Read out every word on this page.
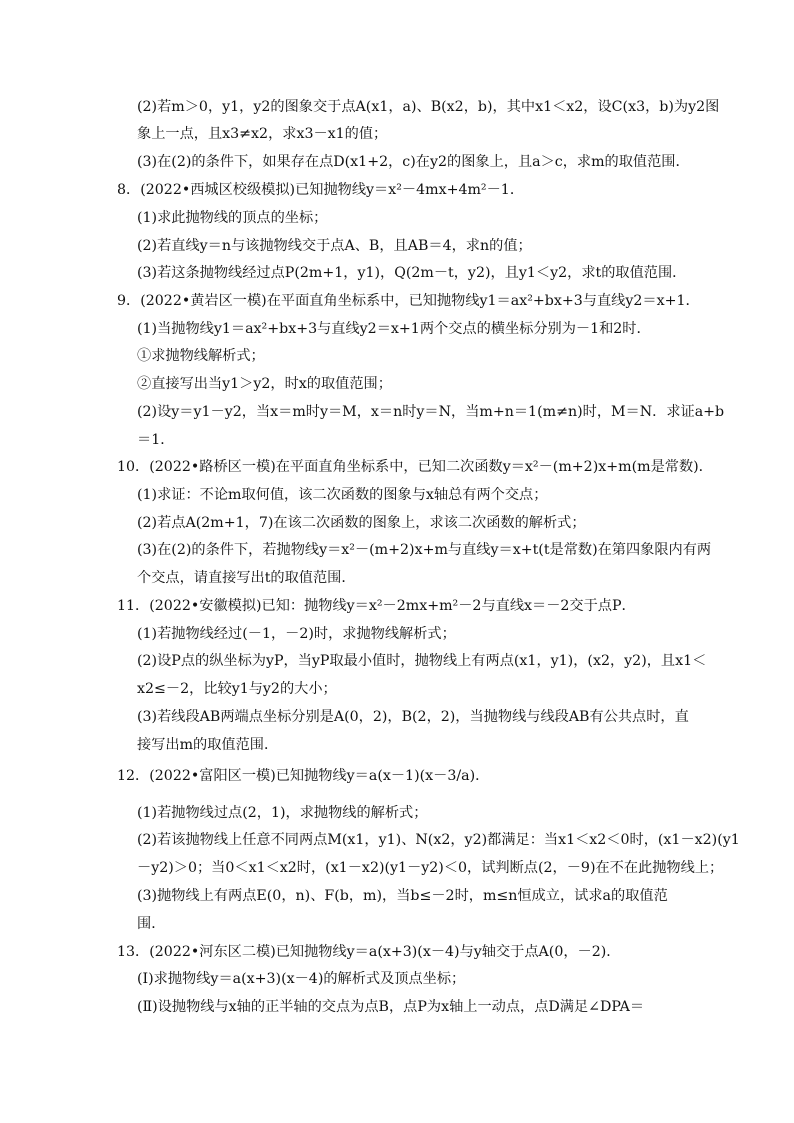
(2)若m＞0，y1，y2的图象交于点A(x1，a)、B(x2，b)，其中x1＜x2，设C(x3，b)为y2图
象上一点，且x3≠x2，求x3－x1的值；
(3)在(2)的条件下，如果存在点D(x1+2，c)在y2的图象上，且a＞c，求m的取值范围．
8．(2022•西城区校级模拟)已知抛物线y＝x²－4mx+4m²－1．
(1)求此抛物线的顶点的坐标；
(2)若直线y＝n与该抛物线交于点A、B，且AB＝4，求n的值；
(3)若这条抛物线经过点P(2m+1，y1)，Q(2m－t，y2)，且y1＜y2，求t的取值范围．
9．(2022•黄岩区一模)在平面直角坐标系中，已知抛物线y1＝ax²+bx+3与直线y2＝x+1．
(1)当抛物线y1＝ax²+bx+3与直线y2＝x+1两个交点的横坐标分别为－1和2时．
①求抛物线解析式；
②直接写出当y1＞y2，时x的取值范围；
(2)设y＝y1－y2，当x＝m时y＝M，x＝n时y＝N，当m+n＝1(m≠n)时，M＝N．求证a+b
＝1．
10．(2022•路桥区一模)在平面直角坐标系中，已知二次函数y＝x²－(m+2)x+m(m是常数)．
(1)求证：不论m取何值，该二次函数的图象与x轴总有两个交点；
(2)若点A(2m+1，7)在该二次函数的图象上，求该二次函数的解析式；
(3)在(2)的条件下，若抛物线y＝x²－(m+2)x+m与直线y＝x+t(t是常数)在第四象限内有两
个交点，请直接写出t的取值范围．
11．(2022•安徽模拟)已知：抛物线y＝x²－2mx+m²－2与直线x＝－2交于点P．
(1)若抛物线经过(－1，－2)时，求抛物线解析式；
(2)设P点的纵坐标为yP，当yP取最小值时，抛物线上有两点(x1，y1)，(x2，y2)，且x1＜
x2≤－2，比较y1与y2的大小；
(3)若线段AB两端点坐标分别是A(0，2)，B(2，2)，当抛物线与线段AB有公共点时，直
接写出m的取值范围．
12．(2022•富阳区一模)已知抛物线y＝a(x－1)(x－3/a)．
(1)若抛物线过点(2，1)，求抛物线的解析式；
(2)若该抛物线上任意不同两点M(x1，y1)、N(x2，y2)都满足：当x1＜x2＜0时，(x1－x2)(y1
－y2)＞0；当0＜x1＜x2时，(x1－x2)(y1－y2)＜0，试判断点(2，－9)在不在此抛物线上；
(3)抛物线上有两点E(0，n)、F(b，m)，当b≤－2时，m≤n恒成立，试求a的取值范
围．
13．(2022•河东区二模)已知抛物线y＝a(x+3)(x－4)与y轴交于点A(0，－2)．
(Ⅰ)求抛物线y＝a(x+3)(x－4)的解析式及顶点坐标；
(Ⅱ)设抛物线与x轴的正半轴的交点为点B，点P为x轴上一动点，点D满足∠DPA＝
